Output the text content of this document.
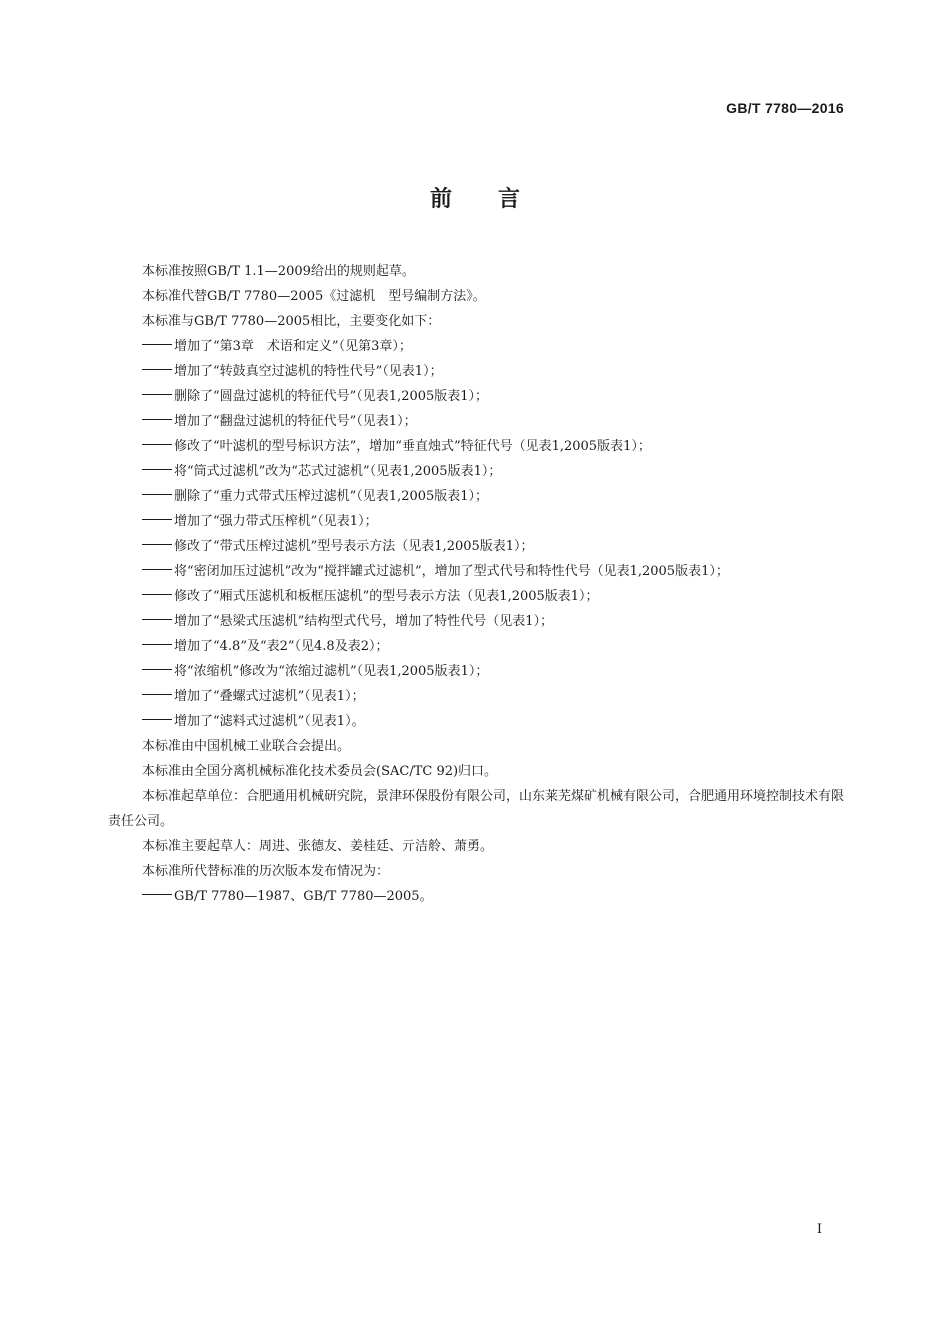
GB/T 7780—2016
前言

本标准按照GB/T 1.1—2009给出的规则起草。

本标准代替GB/T 7780—2005《过滤机　型号编制方法》。

本标准与GB/T 7780—2005相比，主要变化如下：

增加了“第3章　术语和定义”（见第3章）；
增加了“转鼓真空过滤机的特性代号”（见表1）；
删除了“圆盘过滤机的特征代号”（见表1,2005版表1）；
增加了“翻盘过滤机的特征代号”（见表1）；
修改了“叶滤机的型号标识方法”，增加“垂直烛式”特征代号（见表1,2005版表1）；
将“筒式过滤机”改为“芯式过滤机”（见表1,2005版表1）；
删除了“重力式带式压榨过滤机”（见表1,2005版表1）；
增加了“强力带式压榨机”（见表1）；
修改了“带式压榨过滤机”型号表示方法（见表1,2005版表1）；
将“密闭加压过滤机”改为“搅拌罐式过滤机”，增加了型式代号和特性代号（见表1,2005版表1）；
修改了“厢式压滤机和板框压滤机”的型号表示方法（见表1,2005版表1）；
增加了“悬梁式压滤机”结构型式代号，增加了特性代号（见表1）；
增加了“4.8”及“表2”（见4.8及表2）；
将“浓缩机”修改为“浓缩过滤机”（见表1,2005版表1）；
增加了“叠螺式过滤机”（见表1）；
增加了“滤料式过滤机”（见表1）。

本标准由中国机械工业联合会提出。

本标准由全国分离机械标准化技术委员会(SAC/TC 92)归口。

本标准起草单位：合肥通用机械研究院，景津环保股份有限公司，山东莱芜煤矿机械有限公司，合肥通用环境控制技术有限责任公司。

本标准主要起草人：周进、张德友、姜桂廷、亓洁舲、萧勇。

本标准所代替标准的历次版本发布情况为：

GB/T 7780—1987、GB/T 7780—2005。
I
